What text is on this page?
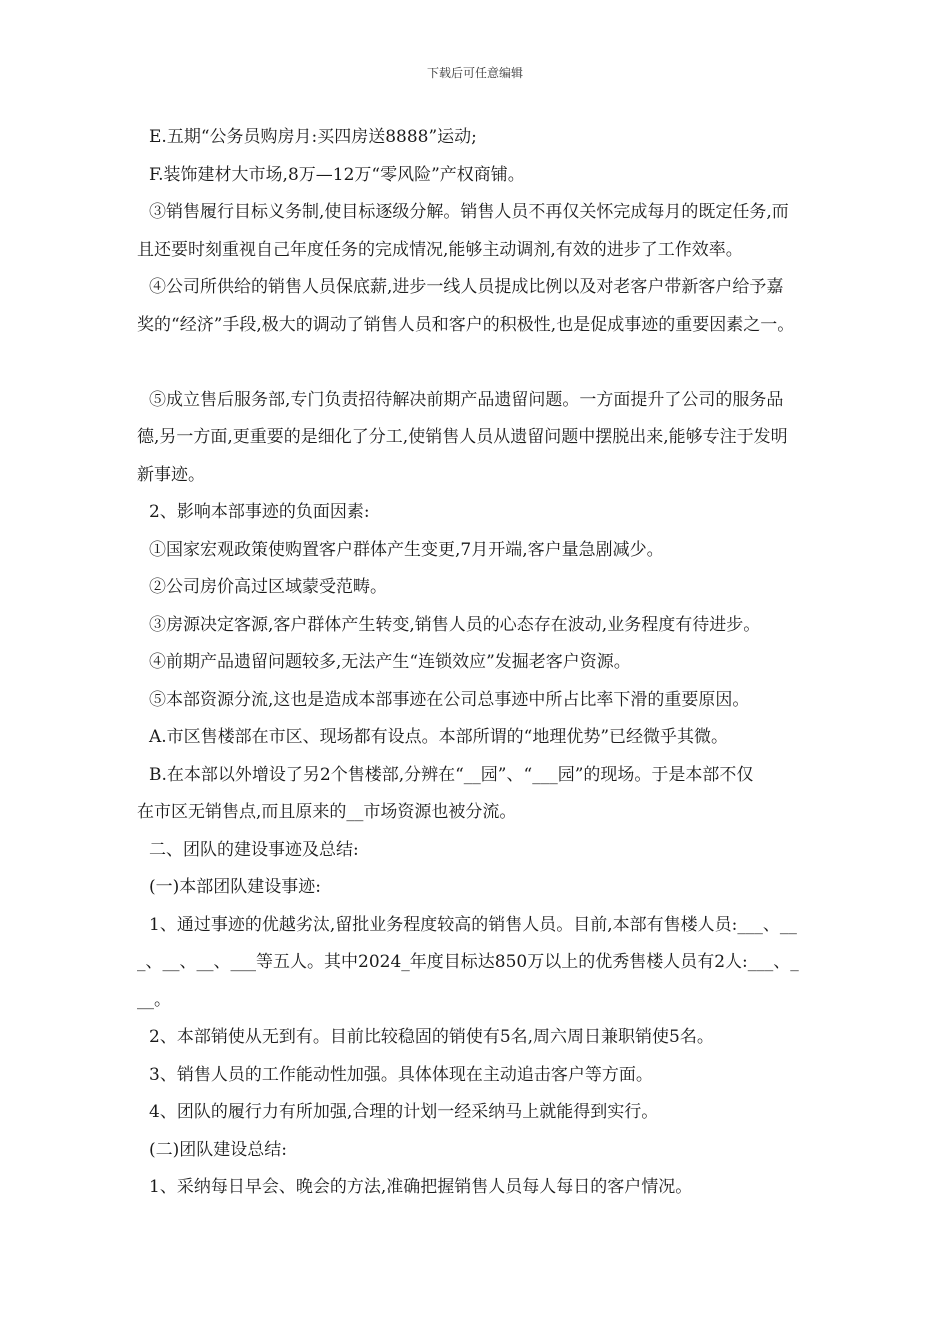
下载后可任意编辑
E.五期“公务员购房月:买四房送8888”运动;
F.装饰建材大市场,8万—12万“零风险”产权商铺。
③销售履行目标义务制,使目标逐级分解。销售人员不再仅关怀完成每月的既定任务,而
且还要时刻重视自己年度任务的完成情况,能够主动调剂,有效的进步了工作效率。
④公司所供给的销售人员保底薪,进步一线人员提成比例以及对老客户带新客户给予嘉
奖的“经济”手段,极大的调动了销售人员和客户的积极性,也是促成事迹的重要因素之一。
⑤成立售后服务部,专门负责招待解决前期产品遗留问题。一方面提升了公司的服务品
德,另一方面,更重要的是细化了分工,使销售人员从遗留问题中摆脱出来,能够专注于发明
新事迹。
2、影响本部事迹的负面因素:
①国家宏观政策使购置客户群体产生变更,7月开端,客户量急剧减少。
②公司房价高过区域蒙受范畴。
③房源决定客源,客户群体产生转变,销售人员的心态存在波动,业务程度有待进步。
④前期产品遗留问题较多,无法产生“连锁效应”发掘老客户资源。
⑤本部资源分流,这也是造成本部事迹在公司总事迹中所占比率下滑的重要原因。
A.市区售楼部在市区、现场都有设点。本部所谓的“地理优势”已经微乎其微。
B.在本部以外增设了另2个售楼部,分辨在“__园”、“___园”的现场。于是本部不仅
在市区无销售点,而且原来的__市场资源也被分流。
二、团队的建设事迹及总结:
(一)本部团队建设事迹:
1、通过事迹的优越劣汰,留批业务程度较高的销售人员。目前,本部有售楼人员:___、__
_、__、__、___等五人。其中2024_年度目标达850万以上的优秀售楼人员有2人:___、_
__。
2、本部销使从无到有。目前比较稳固的销使有5名,周六周日兼职销使5名。
3、销售人员的工作能动性加强。具体体现在主动追击客户等方面。
4、团队的履行力有所加强,合理的计划一经采纳马上就能得到实行。
(二)团队建设总结:
1、采纳每日早会、晚会的方法,准确把握销售人员每人每日的客户情况。
